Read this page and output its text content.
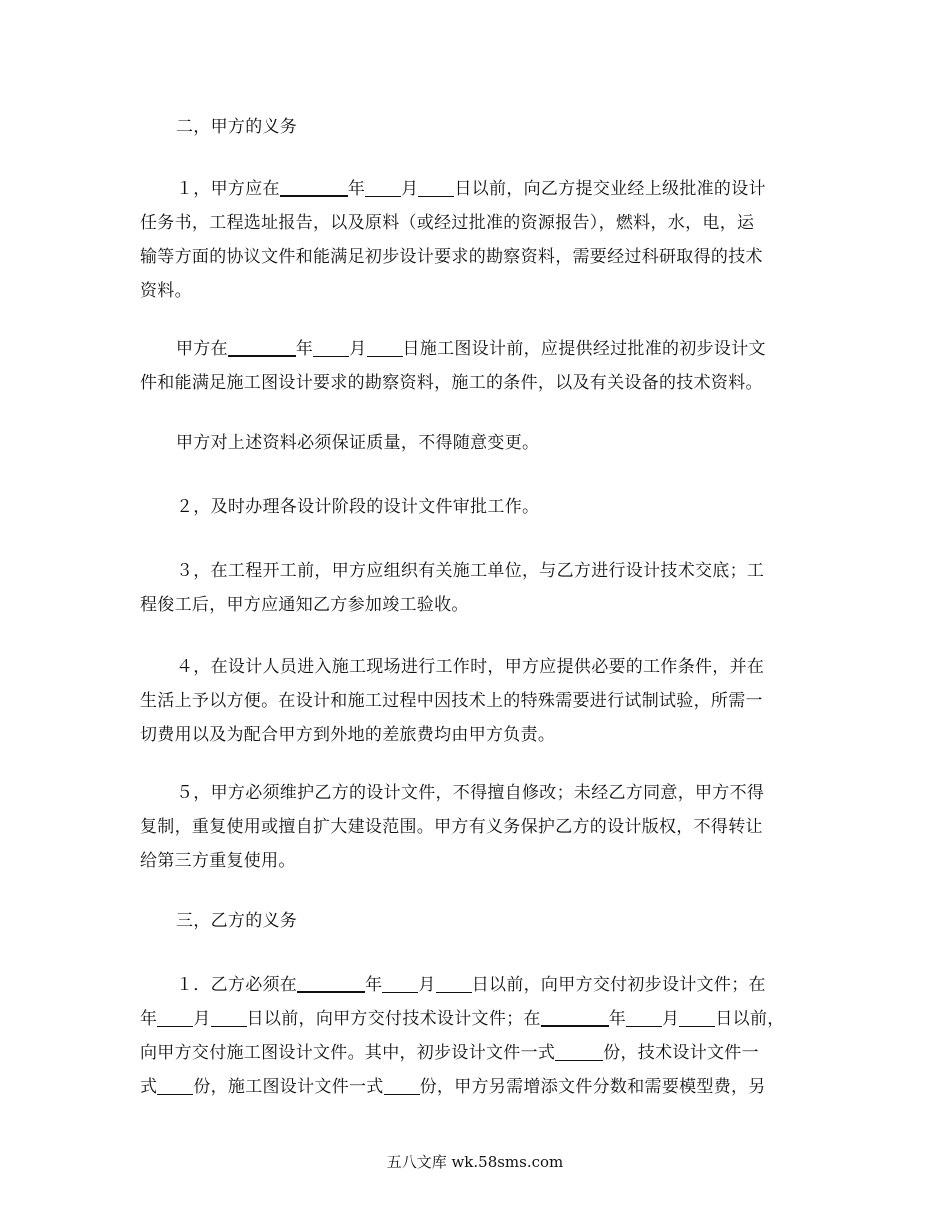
二，甲方的义务

１，甲方应在	年 月 日以前，向乙方提交业经上级批准的设计
任务书，工程选址报告，以及原料（或经过批准的资源报告），燃料，水，电，运
输等方面的协议文件和能满足初步设计要求的勘察资料，需要经过科研取得的技术
资料。

甲方在	年 月 日施工图设计前，应提供经过批准的初步设计文
件和能满足施工图设计要求的勘察资料，施工的条件，以及有关设备的技术资料。

甲方对上述资料必须保证质量，不得随意变更。

２，及时办理各设计阶段的设计文件审批工作。

３，在工程开工前，甲方应组织有关施工单位，与乙方进行设计技术交底；工
程俊工后，甲方应通知乙方参加竣工验收。

４，在设计人员进入施工现场进行工作时，甲方应提供必要的工作条件，并在
生活上予以方便。在设计和施工过程中因技术上的特殊需要进行试制试验，所需一
切费用以及为配合甲方到外地的差旅费均由甲方负责。

５，甲方必须维护乙方的设计文件，不得擅自修改；未经乙方同意，甲方不得
复制，重复使用或擅自扩大建设范围。甲方有义务保护乙方的设计版权，不得转让
给第三方重复使用。

三，乙方的义务

１．乙方必须在	年 月 日以前，向甲方交付初步设计文件；在
年 月 日以前，向甲方交付技术设计文件；在	年 月 日以前，
向甲方交付施工图设计文件。其中，初步设计文件一式	份，技术设计文件一
式 份，施工图设计文件一式 份，甲方另需增添文件分数和需要模型费，另

五八文库 wk.58sms.com
